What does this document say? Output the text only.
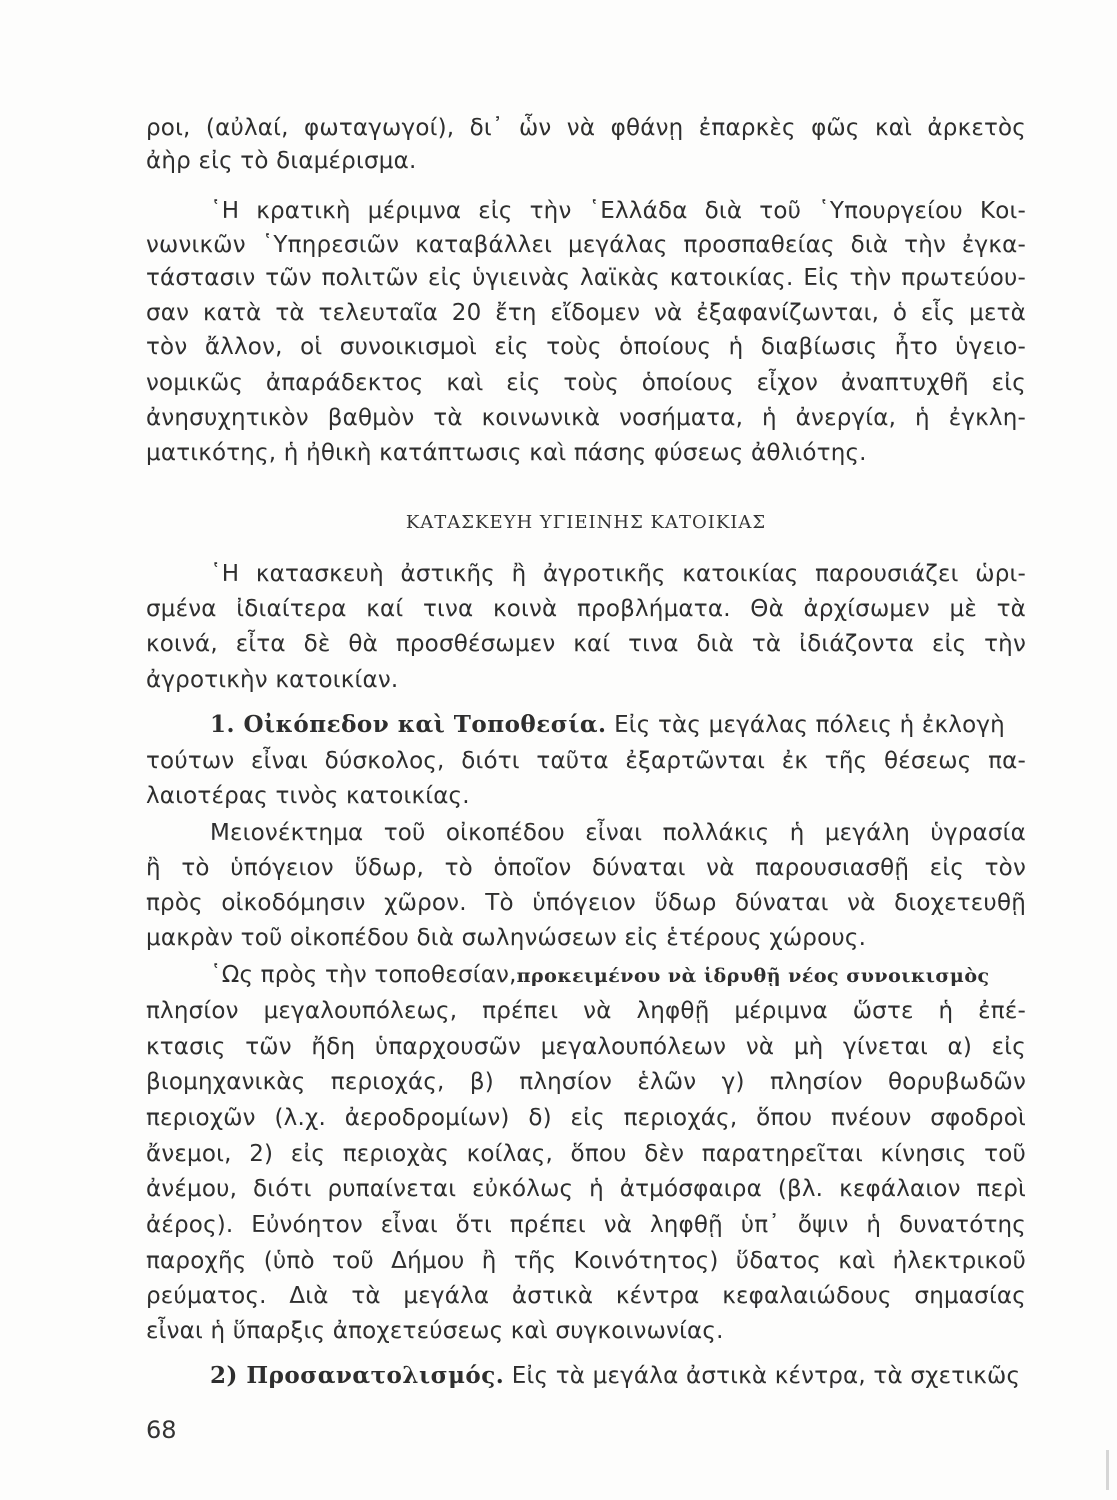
ροι, (αὐλαί, φωταγωγοί), δι᾽ ὧν νὰ φθάνῃ ἐπαρκὲς φῶς καὶ ἀρκετὸς
ἀὴρ εἰς τὸ διαμέρισμα.
῾Η κρατικὴ μέριμνα εἰς τὴν ῾Ελλάδα διὰ τοῦ ῾Υπουργείου Κοι-
νωνικῶν ῾Υπηρεσιῶν καταβάλλει μεγάλας προσπαθείας διὰ τὴν ἐγκα-
τάστασιν τῶν πολιτῶν εἰς ὑγιεινὰς λαϊκὰς κατοικίας. Εἰς τὴν πρωτεύου-
σαν κατὰ τὰ τελευταῖα 20 ἔτη εἴδομεν νὰ ἐξαφανίζωνται, ὁ εἷς μετὰ
τὸν ἄλλον, οἱ συνοικισμοὶ εἰς τοὺς ὁποίους ἡ διαβίωσις ἦτο ὑγειο-
νομικῶς ἀπαράδεκτος καὶ εἰς τοὺς ὁποίους εἶχον ἀναπτυχθῆ εἰς
ἀνησυχητικὸν βαθμὸν τὰ κοινωνικὰ νοσήματα, ἡ ἀνεργία, ἡ ἐγκλη-
ματικότης, ἡ ἠθικὴ κατάπτωσις καὶ πάσης φύσεως ἀθλιότης.
ΚΑΤΑΣΚΕΥΗ ΥΓΙΕΙΝΗΣ ΚΑΤΟΙΚΙΑΣ
῾Η κατασκευὴ ἀστικῆς ἢ ἀγροτικῆς κατοικίας παρουσιάζει ὡρι-
σμένα ἰδιαίτερα καί τινα κοινὰ προβλήματα. Θὰ ἀρχίσωμεν μὲ τὰ
κοινά, εἶτα δὲ θὰ προσθέσωμεν καί τινα διὰ τὰ ἰδιάζοντα εἰς τὴν
ἀγροτικὴν κατοικίαν.
1. Οἰκόπεδον καὶ Τοποθεσία. Εἰς τὰς μεγάλας πόλεις ἡ ἐκλογὴ
τούτων εἶναι δύσκολος, διότι ταῦτα ἐξαρτῶνται ἐκ τῆς θέσεως πα-
λαιοτέρας τινὸς κατοικίας.
Μειονέκτημα τοῦ οἰκοπέδου εἶναι πολλάκις ἡ μεγάλη ὑγρασία
ἢ τὸ ὑπόγειον ὕδωρ, τὸ ὁποῖον δύναται νὰ παρουσιασθῇ εἰς τὸν
πρὸς οἰκοδόμησιν χῶρον. Τὸ ὑπόγειον ὕδωρ δύναται νὰ διοχετευθῇ
μακρὰν τοῦ οἰκοπέδου διὰ σωληνώσεων εἰς ἑτέρους χώρους.
῾Ως πρὸς τὴν τοποθεσίαν,προκειμένου νὰ ἱδρυθῇ νέος συνοικισμὸς
πλησίον μεγαλουπόλεως, πρέπει νὰ ληφθῇ μέριμνα ὥστε ἡ ἐπέ-
κτασις τῶν ἤδη ὑπαρχουσῶν μεγαλουπόλεων νὰ μὴ γίνεται α) εἰς
βιομηχανικὰς περιοχάς, β) πλησίον ἑλῶν γ) πλησίον θορυβωδῶν
περιοχῶν (λ.χ. ἀεροδρομίων) δ) εἰς περιοχάς, ὅπου πνέουν σφοδροὶ
ἄνεμοι, 2) εἰς περιοχὰς κοίλας, ὅπου δὲν παρατηρεῖται κίνησις τοῦ
ἀνέμου, διότι ρυπαίνεται εὐκόλως ἡ ἀτμόσφαιρα (βλ. κεφάλαιον περὶ
ἀέρος). Εὐνόητον εἶναι ὅτι πρέπει νὰ ληφθῇ ὑπ᾽ ὄψιν ἡ δυνατότης
παροχῆς (ὑπὸ τοῦ Δήμου ἢ τῆς Κοινότητος) ὕδατος καὶ ἠλεκτρικοῦ
ρεύματος. Διὰ τὰ μεγάλα ἀστικὰ κέντρα κεφαλαιώδους σημασίας
εἶναι ἡ ὕπαρξις ἀποχετεύσεως καὶ συγκοινωνίας.
2) Προσανατολισμός. Εἰς τὰ μεγάλα ἀστικὰ κέντρα, τὰ σχετικῶς
68
